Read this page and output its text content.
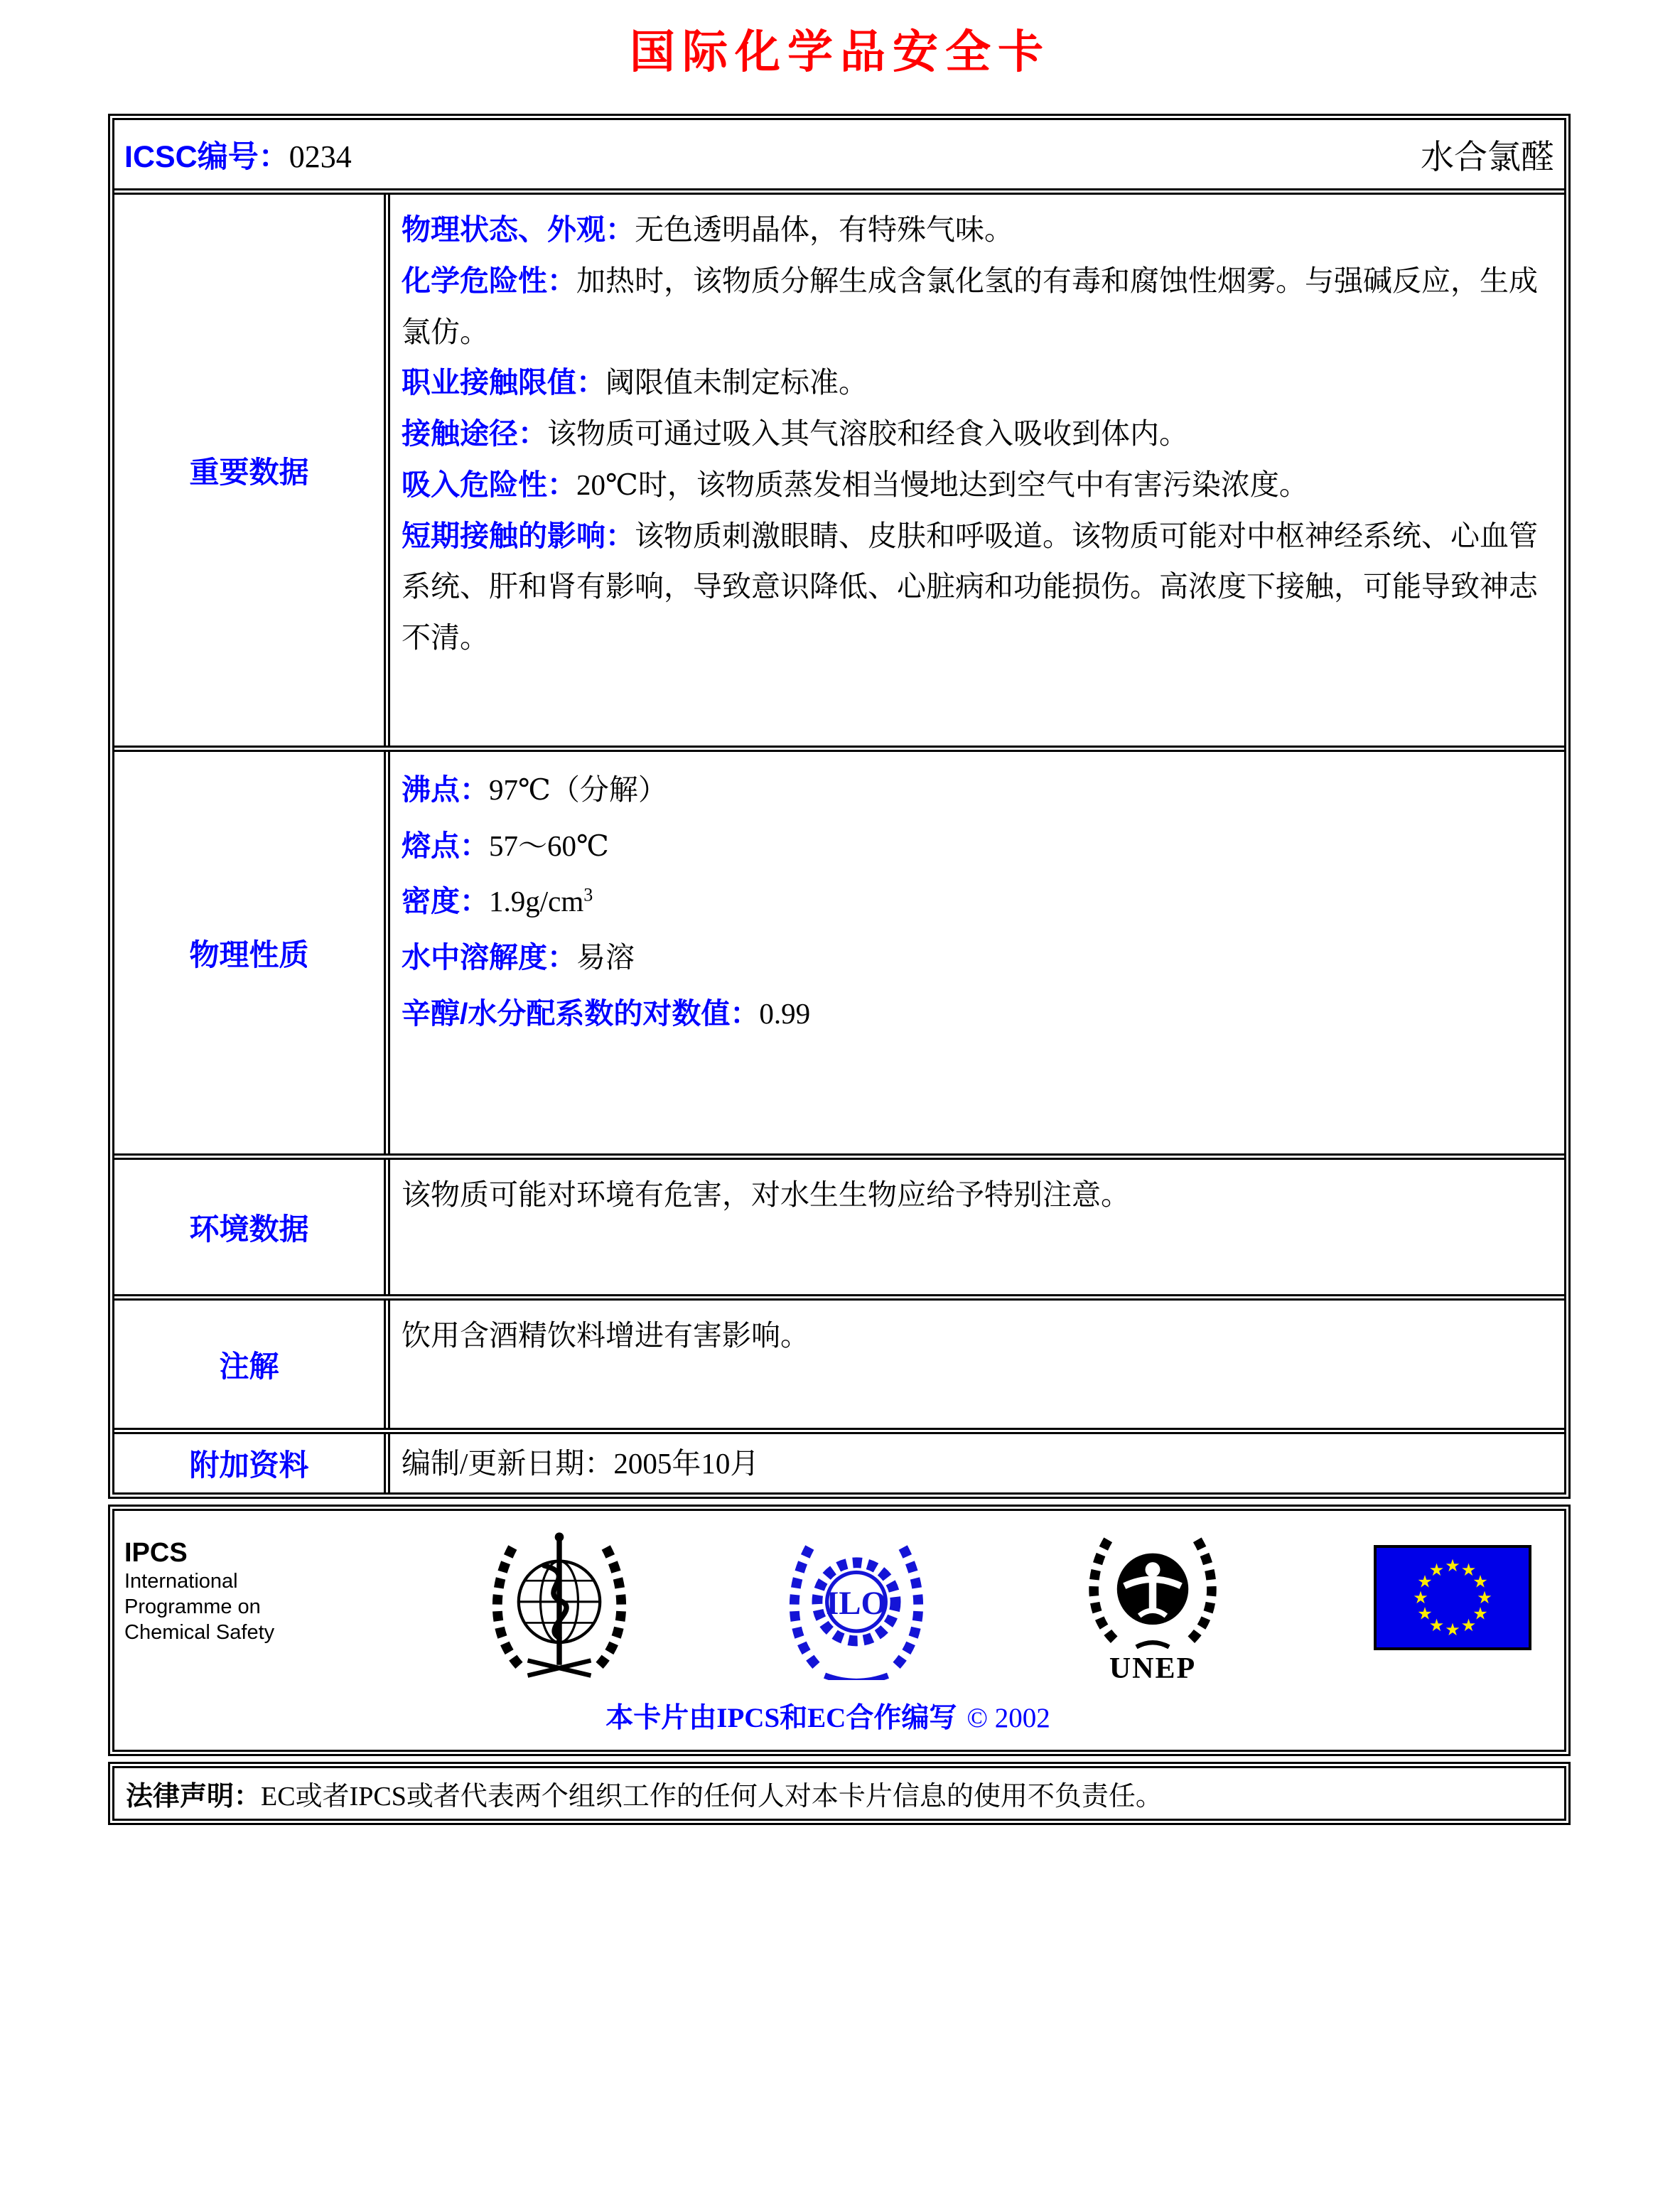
国际化学品安全卡
ICSC编号：0234	水合氯醛
重要数据
物理状态、外观：无色透明晶体，有特殊气味。
化学危险性：加热时，该物质分解生成含氯化氢的有毒和腐蚀性烟雾。与强碱反应，生成氯仿。
职业接触限值：阈限值未制定标准。
接触途径：该物质可通过吸入其气溶胶和经食入吸收到体内。
吸入危险性：20℃时，该物质蒸发相当慢地达到空气中有害污染浓度。
短期接触的影响：该物质刺激眼睛、皮肤和呼吸道。该物质可能对中枢神经系统、心血管系统、肝和肾有影响，导致意识降低、心脏病和功能损伤。高浓度下接触，可能导致神志不清。
物理性质
沸点：97℃（分解）
熔点：57～60℃
密度：$1.9g/cm^3$
水中溶解度：易溶
辛醇/水分配系数的对数值：0.99
环境数据
该物质可能对环境有危害，对水生生物应给予特别注意。
注解
饮用含酒精饮料增进有害影响。
附加资料	编制/更新日期：2005年10月
IPCS
International
Programme on
Chemical Safety
ILO
UNEP
★ ★
★
★
★
★
★
★
★
★
★
★
本卡片由IPCS和EC合作编写 © 2002
法律声明：EC或者IPCS或者代表两个组织工作的任何人对本卡片信息的使用不负责任。
